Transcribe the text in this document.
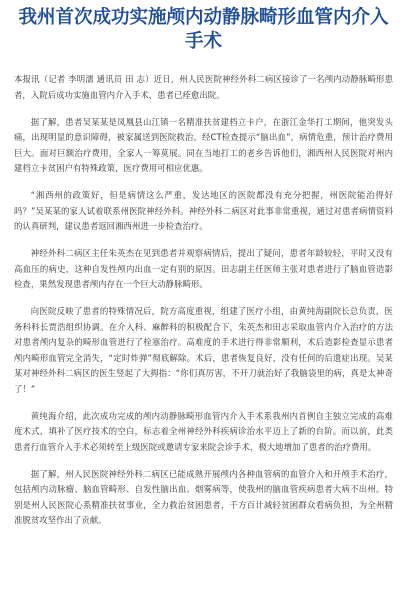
我州首次成功实施颅内动静脉畸形血管内介入手术

本报讯（记者 李明濡 通讯员 田 志）近日，州人民医院神经外科二病区接诊了一名颅内动静脉畸形患者，入院后成功实施血管内介入手术，患者已痊愈出院。

据了解，患者吴某某是凤凰县山江镇一名精准扶贫建档立卡户，在浙江金华打工期间，他突发头痛，出现明显的意识障碍，被家属送到医院救治。经CT检查提示“脑出血”，病情危重，预计治疗费用巨大。面对巨额治疗费用，全家人一筹莫展。同在当地打工的老乡告诉他们，湘西州人民医院对州内建档立卡贫困户有特殊政策，医疗费用可相应优惠。

“湘西州的政策好，但是病情这么严重，发达地区的医院都没有充分把握，州医院能治得好吗？”吴某某的家人试着联系州医院神经外科。神经外科二病区对此事非常重视，通过对患者病情资料的认真研判，建议患者返回湘西州进一步检查治疗。

神经外科二病区主任朱英杰在见到患者并观察病情后，提出了疑问，患者年龄较轻，平时又没有高血压的病史，这种自发性颅内出血一定有别的原因。田志副主任医师主张对患者进行了脑血管造影检查，果然发现患者颅内存在一个巨大动静脉畸形。

向医院反映了患者的特殊情况后，院方高度重视，组建了医疗小组，由黄纯海副院长总负责，医务科科长贾浩组织协调。在介入科、麻醉科的积极配合下，朱英杰和田志采取血管内介入治疗的方法对患者颅内复杂的畸形血管进行了栓塞治疗。高难度的手术进行得非常顺利，术后造影检查显示患者颅内畸形血管完全消失，“定时炸弹”彻底解除。术后，患者恢复良好，没有任何的后遗症出现。吴某某对神经外科二病区的医生竖起了大拇指：“你们真厉害，不开刀就治好了我脑袋里的病，真是太神奇了！”

黄纯海介绍，此次成功完成的颅内动静脉畸形血管内介入手术系我州内首例自主独立完成的高难度术式，填补了医疗技术的空白，标志着全州神经外科疾病诊治水平迈上了新的台阶。而以前，此类患者行血管介入手术必须转至上级医院或邀请专家来院会诊手术，极大地增加了患者的治疗费用。

据了解，州人民医院神经外科二病区已能成熟开展颅内各种血管病的血管介入和开颅手术治疗，包括颅内动脉瘤、脑血管畸形、自发性脑出血、烟雾病等，使我州的脑血管疾病患者大病不出州。特别是州人民医院心系精准扶贫事业，全力救治贫困患者，千方百计减轻贫困群众看病负担，为全州精准脱贫攻坚作出了贡献。
